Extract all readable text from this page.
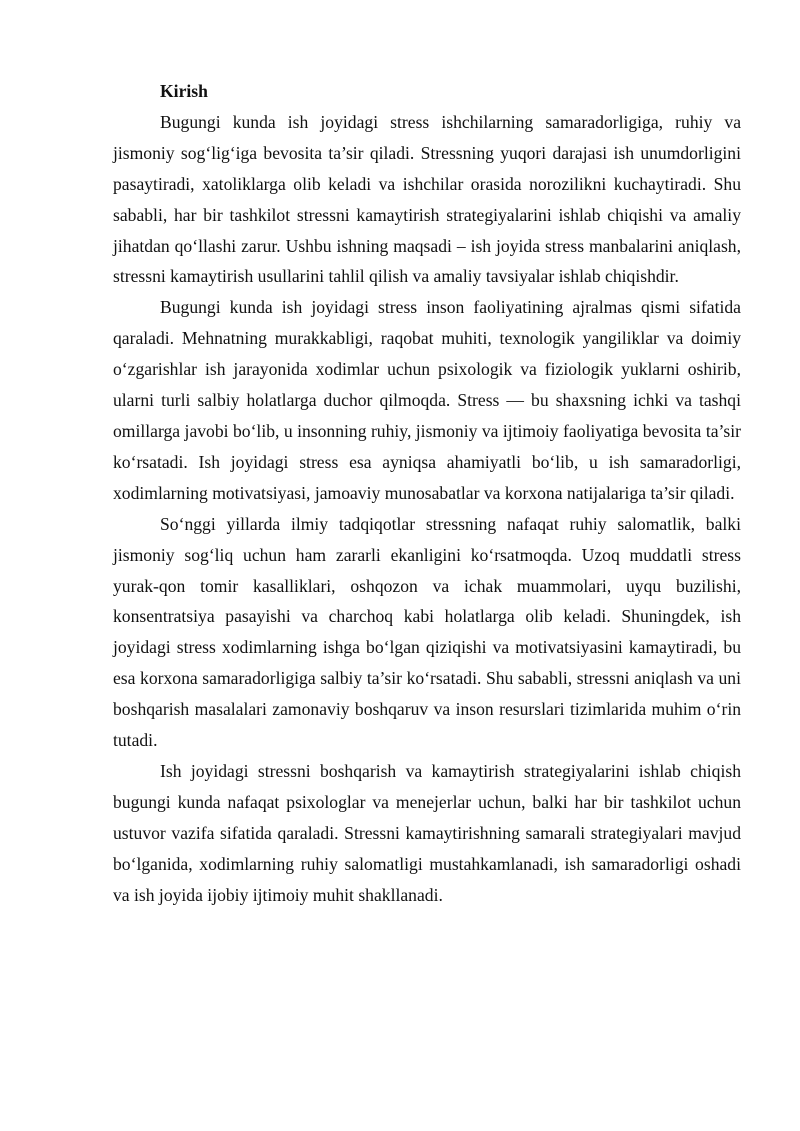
Kirish

Bugungi kunda ish joyidagi stress ishchilarning samaradorligiga, ruhiy va jismoniy sog‘lig‘iga bevosita ta’sir qiladi. Stressning yuqori darajasi ish unumdorligini pasaytiradi, xatoliklarga olib keladi va ishchilar orasida norozilikni kuchaytiradi. Shu sababli, har bir tashkilot stressni kamaytirish strategiyalarini ishlab chiqishi va amaliy jihatdan qo‘llashi zarur. Ushbu ishning maqsadi – ish joyida stress manbalarini aniqlash, stressni kamaytirish usullarini tahlil qilish va amaliy tavsiyalar ishlab chiqishdir.

Bugungi kunda ish joyidagi stress inson faoliyatining ajralmas qismi sifatida qaraladi. Mehnatning murakkabligi, raqobat muhiti, texnologik yangiliklar va doimiy o‘zgarishlar ish jarayonida xodimlar uchun psixologik va fiziologik yuklarni oshirib, ularni turli salbiy holatlarga duchor qilmoqda. Stress — bu shaxsning ichki va tashqi omillarga javobi bo‘lib, u insonning ruhiy, jismoniy va ijtimoiy faoliyatiga bevosita ta’sir ko‘rsatadi. Ish joyidagi stress esa ayniqsa ahamiyatli bo‘lib, u ish samaradorligi, xodimlarning motivatsiyasi, jamoaviy munosabatlar va korxona natijalariga ta’sir qiladi.

So‘nggi yillarda ilmiy tadqiqotlar stressning nafaqat ruhiy salomatlik, balki jismoniy sog‘liq uchun ham zararli ekanligini ko‘rsatmoqda. Uzoq muddatli stress yurak-qon tomir kasalliklari, oshqozon va ichak muammolari, uyqu buzilishi, konsentratsiya pasayishi va charchoq kabi holatlarga olib keladi. Shuningdek, ish joyidagi stress xodimlarning ishga bo‘lgan qiziqishi va motivatsiyasini kamaytiradi, bu esa korxona samaradorligiga salbiy ta’sir ko‘rsatadi. Shu sababli, stressni aniqlash va uni boshqarish masalalari zamonaviy boshqaruv va inson resurslari tizimlarida muhim o‘rin tutadi.

Ish joyidagi stressni boshqarish va kamaytirish strategiyalarini ishlab chiqish bugungi kunda nafaqat psixologlar va menejerlar uchun, balki har bir tashkilot uchun ustuvor vazifa sifatida qaraladi. Stressni kamaytirishning samarali strategiyalari mavjud bo‘lganida, xodimlarning ruhiy salomatligi mustahkamlanadi, ish samaradorligi oshadi va ish joyida ijobiy ijtimoiy muhit shakllanadi.
